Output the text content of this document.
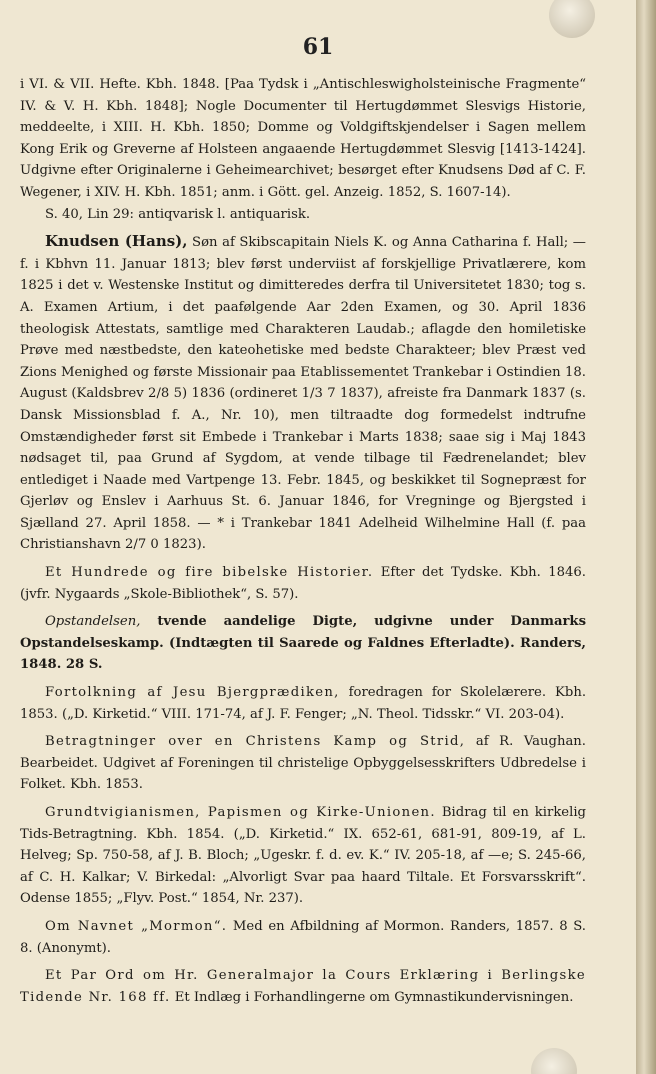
61

i VI. & VII. Hefte. Kbh. 1848. [Paa Tydsk i „Antischleswigholsteinische Fragmente“ IV. & V. H. Kbh. 1848]; Nogle Documenter til Hertugdømmet Slesvigs Historie, meddeelte, i XIII. H. Kbh. 1850; Domme og Voldgiftskjendelser i Sagen mellem Kong Erik og Greverne af Holsteen angaaende Hertugdømmet Slesvig [1413-1424]. Udgivne efter Originalerne i Geheimearchivet; besørget efter Knudsens Død af C. F. Wegener, i XIV. H. Kbh. 1851; anm. i Gött. gel. Anzeig. 1852, S. 1607-14).

S. 40, Lin 29: antiqvarisk l. antiquarisk.

Knudsen (Hans), Søn af Skibscapitain Niels K. og Anna Catharina f. Hall; — f. i Kbhvn 11. Januar 1813; blev først underviist af forskjellige Privatlærere, kom 1825 i det v. Westenske Institut og dimitteredes derfra til Universitetet 1830; tog s. A. Examen Artium, i det paafølgende Aar 2den Examen, og 30. April 1836 theologisk Attestats, samtlige med Charakteren Laudab.; aflagde den homiletiske Prøve med næstbedste, den kateohetiske med bedste Charakteer; blev Præst ved Zions Menighed og første Missionair paa Etablissementet Trankebar i Ostindien 18. August (Kaldsbrev 2/8 5) 1836 (ordineret 1/3 7 1837), afreiste fra Danmark 1837 (s. Dansk Missionsblad f. A., Nr. 10), men tiltraadte dog formedelst indtrufne Omstændigheder først sit Embede i Trankebar i Marts 1838; saae sig i Maj 1843 nødsaget til, paa Grund af Sygdom, at vende tilbage til Fædrenelandet; blev entlediget i Naade med Vartpenge 13. Febr. 1845, og beskikket til Sognepræst for Gjerløv og Enslev i Aarhuus St. 6. Januar 1846, for Vregninge og Bjergsted i Sjælland 27. April 1858. — * i Trankebar 1841 Adelheid Wilhelmine Hall (f. paa Christianshavn 2/7 0 1823).

Et Hundrede og fire bibelske Historier. Efter det Tydske. Kbh. 1846. (jvfr. Nygaards „Skole-Bibliothek“, S. 57).

Opstandelsen, tvende aandelige Digte, udgivne under Danmarks Opstandelseskamp. (Indtægten til Saarede og Faldnes Efterladte). Randers, 1848. 28 S.

Fortolkning af Jesu Bjergprædiken, foredragen for Skolelærere. Kbh. 1853. („D. Kirketid.“ VIII. 171-74, af J. F. Fenger; „N. Theol. Tidsskr.“ VI. 203-04).

Betragtninger over en Christens Kamp og Strid, af R. Vaughan. Bearbeidet. Udgivet af Foreningen til christelige Opbyggelsesskrifters Udbredelse i Folket. Kbh. 1853.

Grundtvigianismen, Papismen og Kirke-Unionen. Bidrag til en kirkelig Tids-Betragtning. Kbh. 1854. („D. Kirketid.“ IX. 652-61, 681-91, 809-19, af L. Helveg; Sp. 750-58, af J. B. Bloch; „Ugeskr. f. d. ev. K.“ IV. 205-18, af —e; S. 245-66, af C. H. Kalkar; V. Birkedal: „Alvorligt Svar paa haard Tiltale. Et Forsvarsskrift“. Odense 1855; „Flyv. Post.“ 1854, Nr. 237).

Om Navnet „Mormon“. Med en Afbildning af Mormon. Randers, 1857. 8 S. 8. (Anonymt).

Et Par Ord om Hr. Generalmajor la Cours Erklæring i Berlingske Tidende Nr. 168 ff. Et Indlæg i Forhandlingerne om Gymnastikundervisningen.
